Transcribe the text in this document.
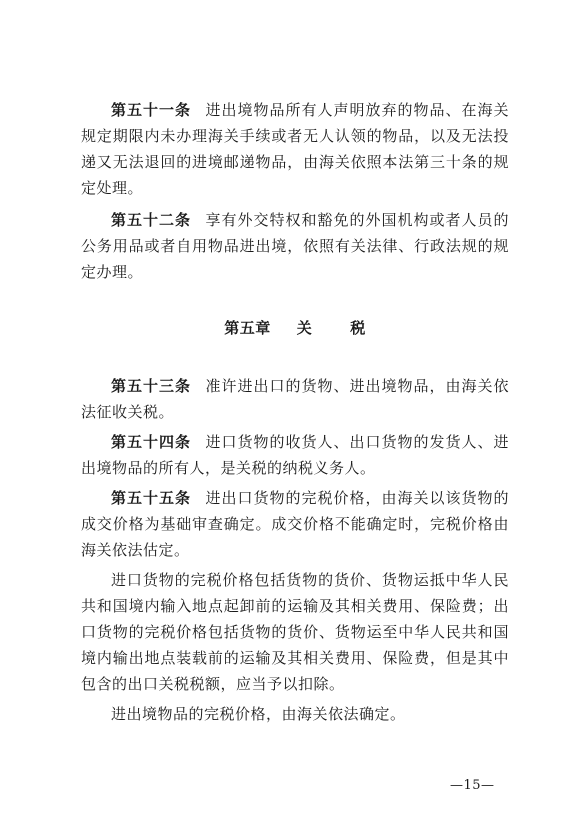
第五十一条 进出境物品所有人声明放弃的物品、在海关规定期限内未办理海关手续或者无人认领的物品，以及无法投递又无法退回的进境邮递物品，由海关依照本法第三十条的规定处理。

第五十二条 享有外交特权和豁免的外国机构或者人员的公务用品或者自用物品进出境，依照有关法律、行政法规的规定办理。

第五章 关	税

第五十三条 准许进出口的货物、进出境物品，由海关依法征收关税。

第五十四条 进口货物的收货人、出口货物的发货人、进出境物品的所有人，是关税的纳税义务人。

第五十五条 进出口货物的完税价格，由海关以该货物的成交价格为基础审查确定。成交价格不能确定时，完税价格由海关依法估定。

进口货物的完税价格包括货物的货价、货物运抵中华人民共和国境内输入地点起卸前的运输及其相关费用、保险费；出口货物的完税价格包括货物的货价、货物运至中华人民共和国境内输出地点装载前的运输及其相关费用、保险费，但是其中包含的出口关税税额，应当予以扣除。

进出境物品的完税价格，由海关依法确定。

—15—
